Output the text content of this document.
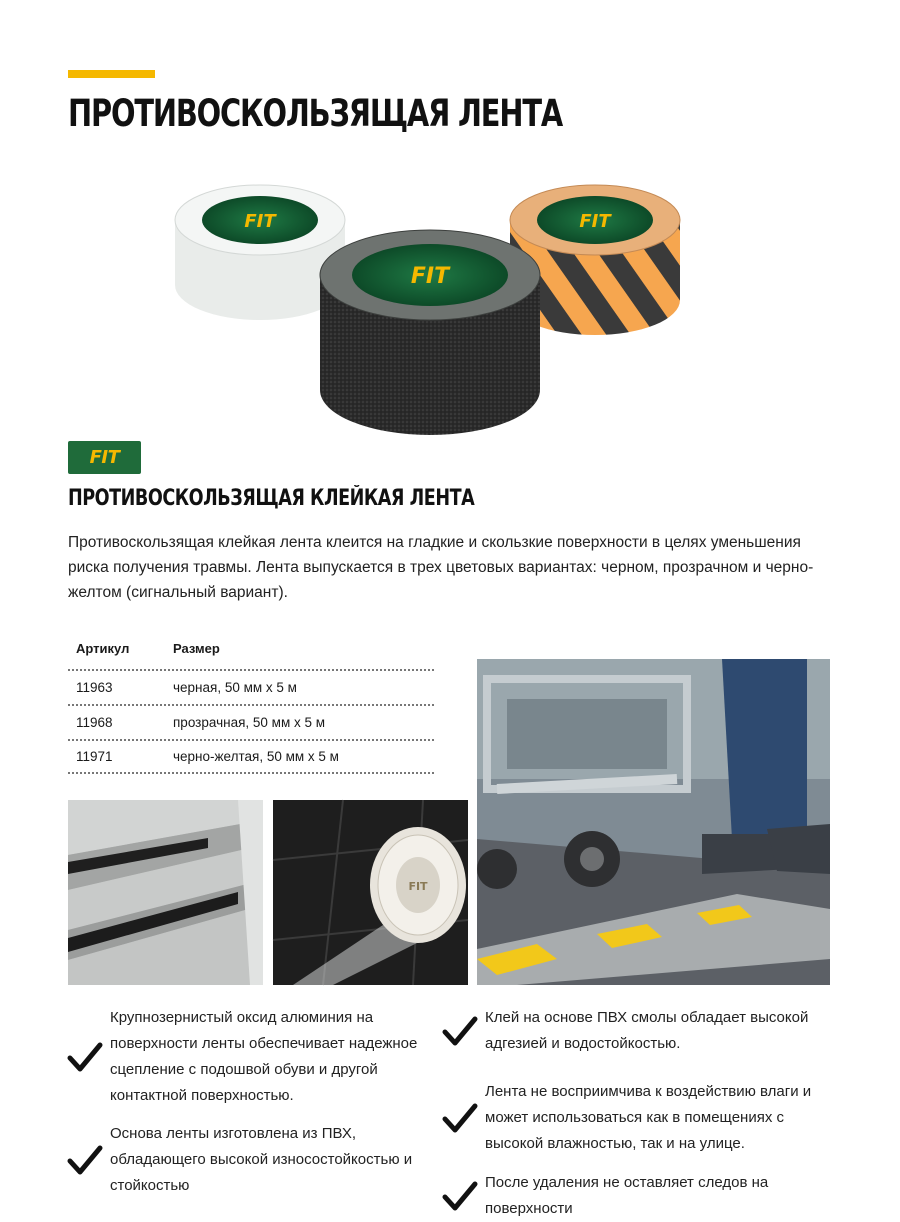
ПРОТИВОСКОЛЬЗЯЩАЯ ЛЕНТА
FIT	FIT
FIT
FIT
ПРОТИВОСКОЛЬЗЯЩАЯ КЛЕЙКАЯ ЛЕНТА

Противоскользящая клейкая лента клеится на гладкие и скользкие поверхности в целях уменьшения риска получения травмы. Лента выпускается в трех цветовых вариантах: черном, прозрачном и черно-желтом (сигнальный вариант).

Артикул	Размер
11963	черная, 50 мм х 5 м
11968	прозрачная, 50 мм х 5 м
11971	черно-желтая, 50 мм х 5 м
FIT
Крупнозернистый оксид алюминия на поверхности ленты обеспечивает надежное сцепление с подошвой обуви и другой контактной поверхностью.
Основа ленты изготовлена из ПВХ, обладающего высокой износостойкостью и стойкостью
Клей на основе ПВХ смолы обладает высокой адгезией и водостойкостью.
Лента не восприимчива к воздействию влаги и может использоваться как в помещениях с высокой влажностью, так и на улице.
После удаления не оставляет следов на поверхности
